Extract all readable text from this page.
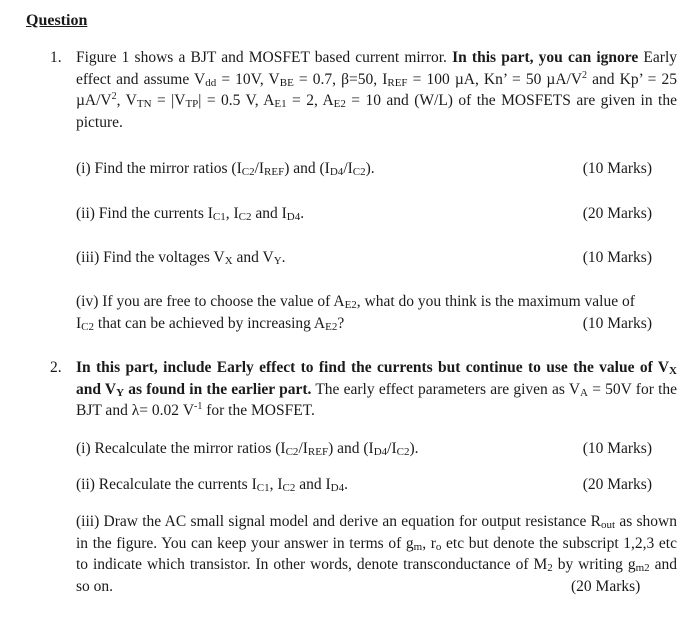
Question
1. Figure 1 shows a BJT and MOSFET based current mirror. In this part, you can ignore Early effect and assume $V_{dd} = 10V$, $V_{BE} = 0.7$, β=50, $I_{REF} = 100$ µA, Kn’ = 50 $\mu A/V^2$ and Kp’ = 25 $\mu A/V^2$, $V_{TN} = |V_{TP}| = 0.5$ V, $A_{E1} = 2$, $A_{E2} = 10$ and (W/L) of the MOSFETS are given in the picture.
(i) Find the mirror ratios $(I_{C2}/I_{REF})$ and $(I_{D4}/I_{C2})$.	(10 Marks)
(ii) Find the currents $I_{C1}$, $I_{C2}$ and $I_{D4}$.	(20 Marks)
(iii) Find the voltages $V_X$ and $V_Y$.	(10 Marks)
(iv) If you are free to choose the value of $A_{E2}$, what do you think is the maximum value of
$I_{C2}$ that can be achieved by increasing $A_{E2}$?	(10 Marks)
2. In this part, include Early effect to find the currents but continue to use the value of $V_X$ and $V_Y$ as found in the earlier part. The early effect parameters are given as $V_A = 50V$ for the BJT and λ= 0.02 $V^{-1}$ for the MOSFET.
(i) Recalculate the mirror ratios $(I_{C2}/I_{REF})$ and $(I_{D4}/I_{C2})$.	(10 Marks)
(ii) Recalculate the currents $I_{C1}$, $I_{C2}$ and $I_{D4}$.	(20 Marks)
(iii) Draw the AC small signal model and derive an equation for output resistance $R_{out}$ as shown in the figure. You can keep your answer in terms of $g_m$, $r_o$ etc but denote the subscript 1,2,3 etc to indicate which transistor. In other words, denote transconductance of $M_2$ by writing $g_{m2}$ and so on.	(20 Marks)
